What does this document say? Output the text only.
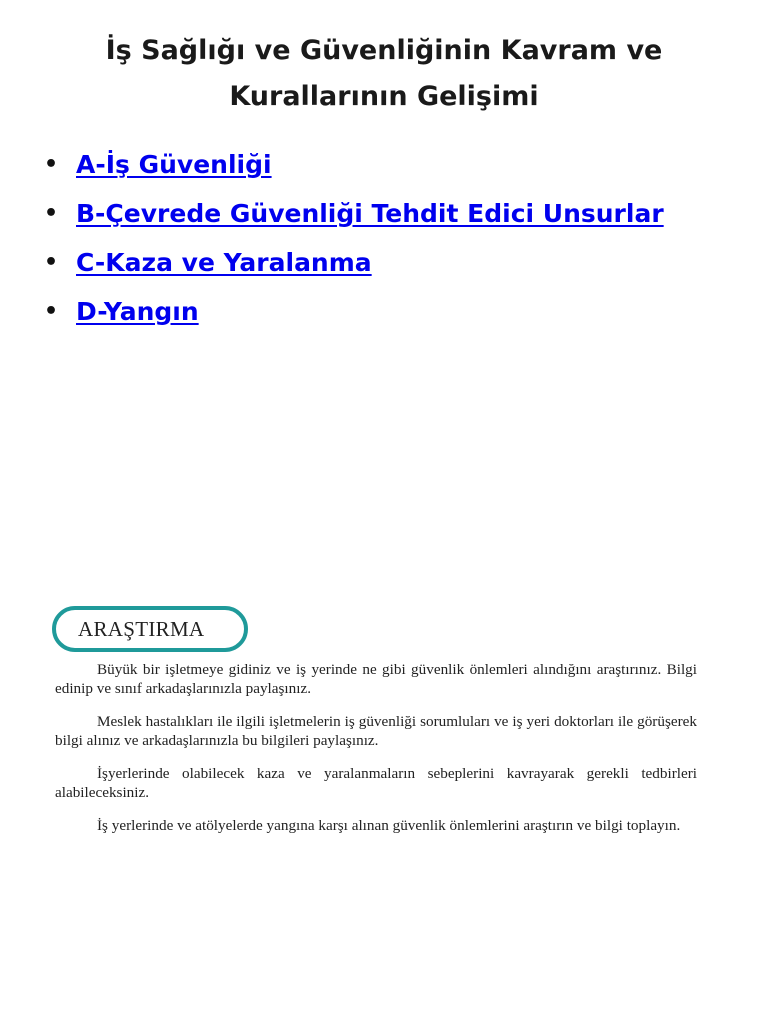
İş Sağlığı ve Güvenliğinin Kavram ve
Kurallarının Gelişimi
• A-İş Güvenliği
• B-Çevrede Güvenliği Tehdit Edici Unsurlar
• C-Kaza ve Yaralanma
• D-Yangın
ARAŞTIRMA

Büyük bir işletmeye gidiniz ve iş yerinde ne gibi güvenlik önlemleri alındığını araştırınız. Bilgi edinip ve sınıf arkadaşlarınızla paylaşınız.

Meslek hastalıkları ile ilgili işletmelerin iş güvenliği sorumluları ve iş yeri doktorları ile görüşerek bilgi alınız ve arkadaşlarınızla bu bilgileri paylaşınız.

İşyerlerinde olabilecek kaza ve yaralanmaların sebeplerini kavrayarak gerekli tedbirleri alabileceksiniz.

İş yerlerinde ve atölyelerde yangına karşı alınan güvenlik önlemlerini araştırın ve bilgi toplayın.
